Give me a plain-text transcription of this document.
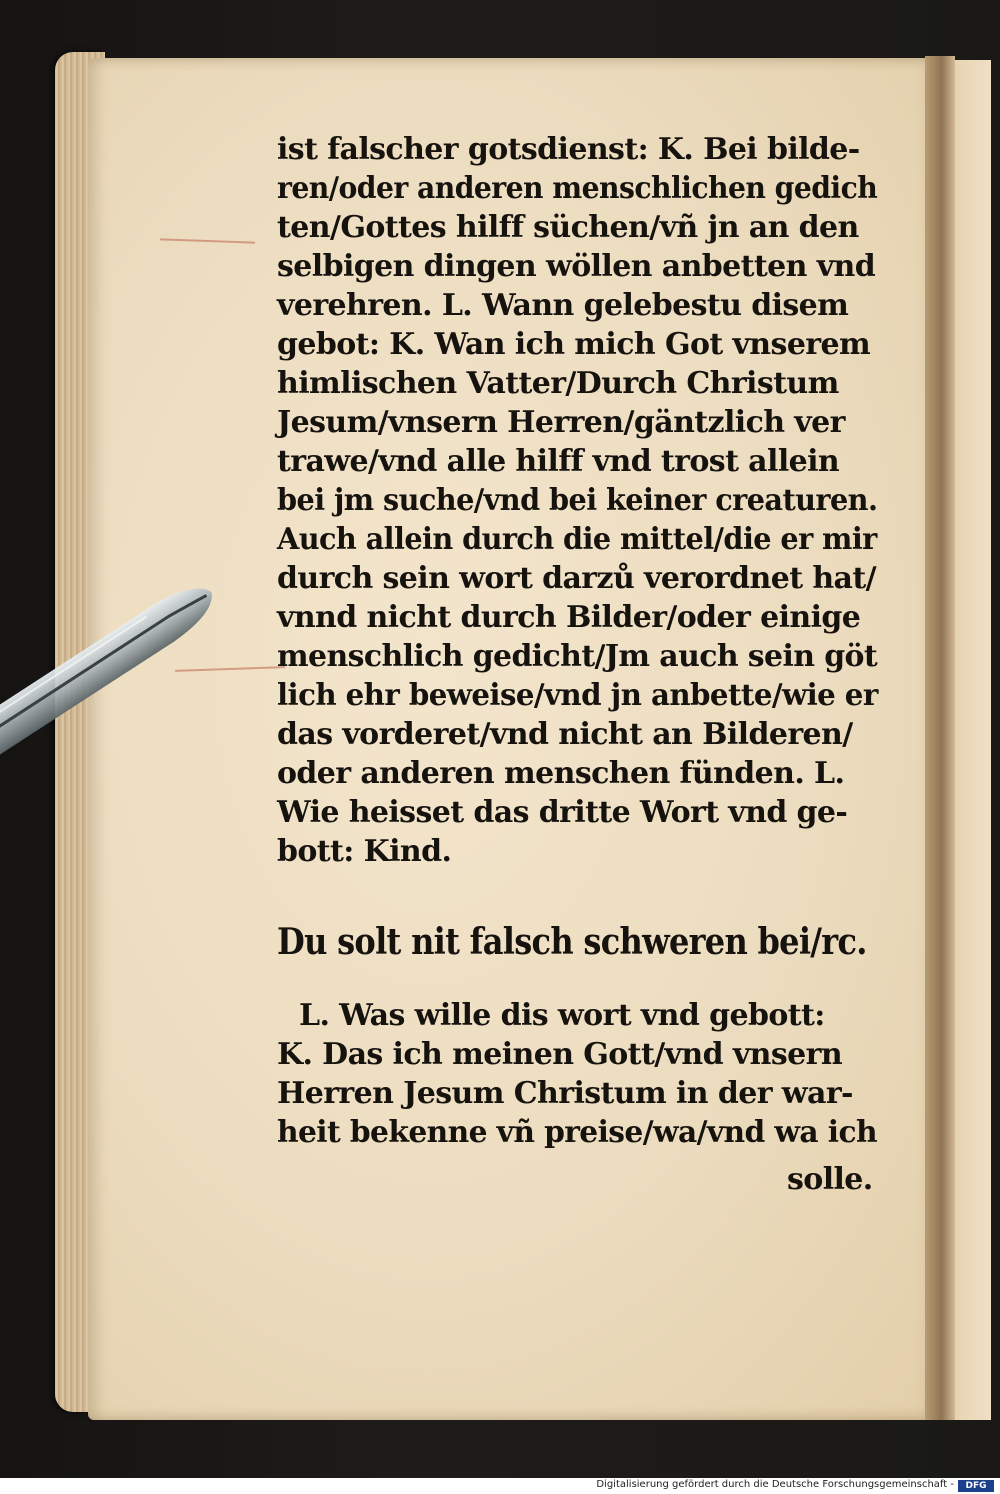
ist falscher gotsdienst: K. Bei bilde-
ren/oder anderen menschlichen gedich
ten/Gottes hilff süchen/vñ jn an den
selbigen dingen wöllen anbetten vnd
verehren. L. Wann gelebestu disem
gebot: K. Wan ich mich Got vnserem
himlischen Vatter/Durch Christum
Jesum/vnsern Herren/gäntzlich ver
trawe/vnd alle hilff vnd trost allein
bei jm suche/vnd bei keiner creaturen.
Auch allein durch die mittel/die er mir
durch sein wort darzů verordnet hat/
vnnd nicht durch Bilder/oder einige
menschlich gedicht/Jm auch sein göt
lich ehr beweise/vnd jn anbette/wie er
das vorderet/vnd nicht an Bilderen/
oder anderen menschen fünden. L.
Wie heisset das dritte Wort vnd ge-
bott: Kind.
Du solt nit falsch schweren bei/rc.
L. Was wille dis wort vnd gebott:
K. Das ich meinen Gott/vnd vnsern
Herren Jesum Christum in der war-
heit bekenne vñ preise/wa/vnd wa ich
solle.
Digitalisierung gefördert durch die Deutsche Forschungsgemeinschaft -	DFG
